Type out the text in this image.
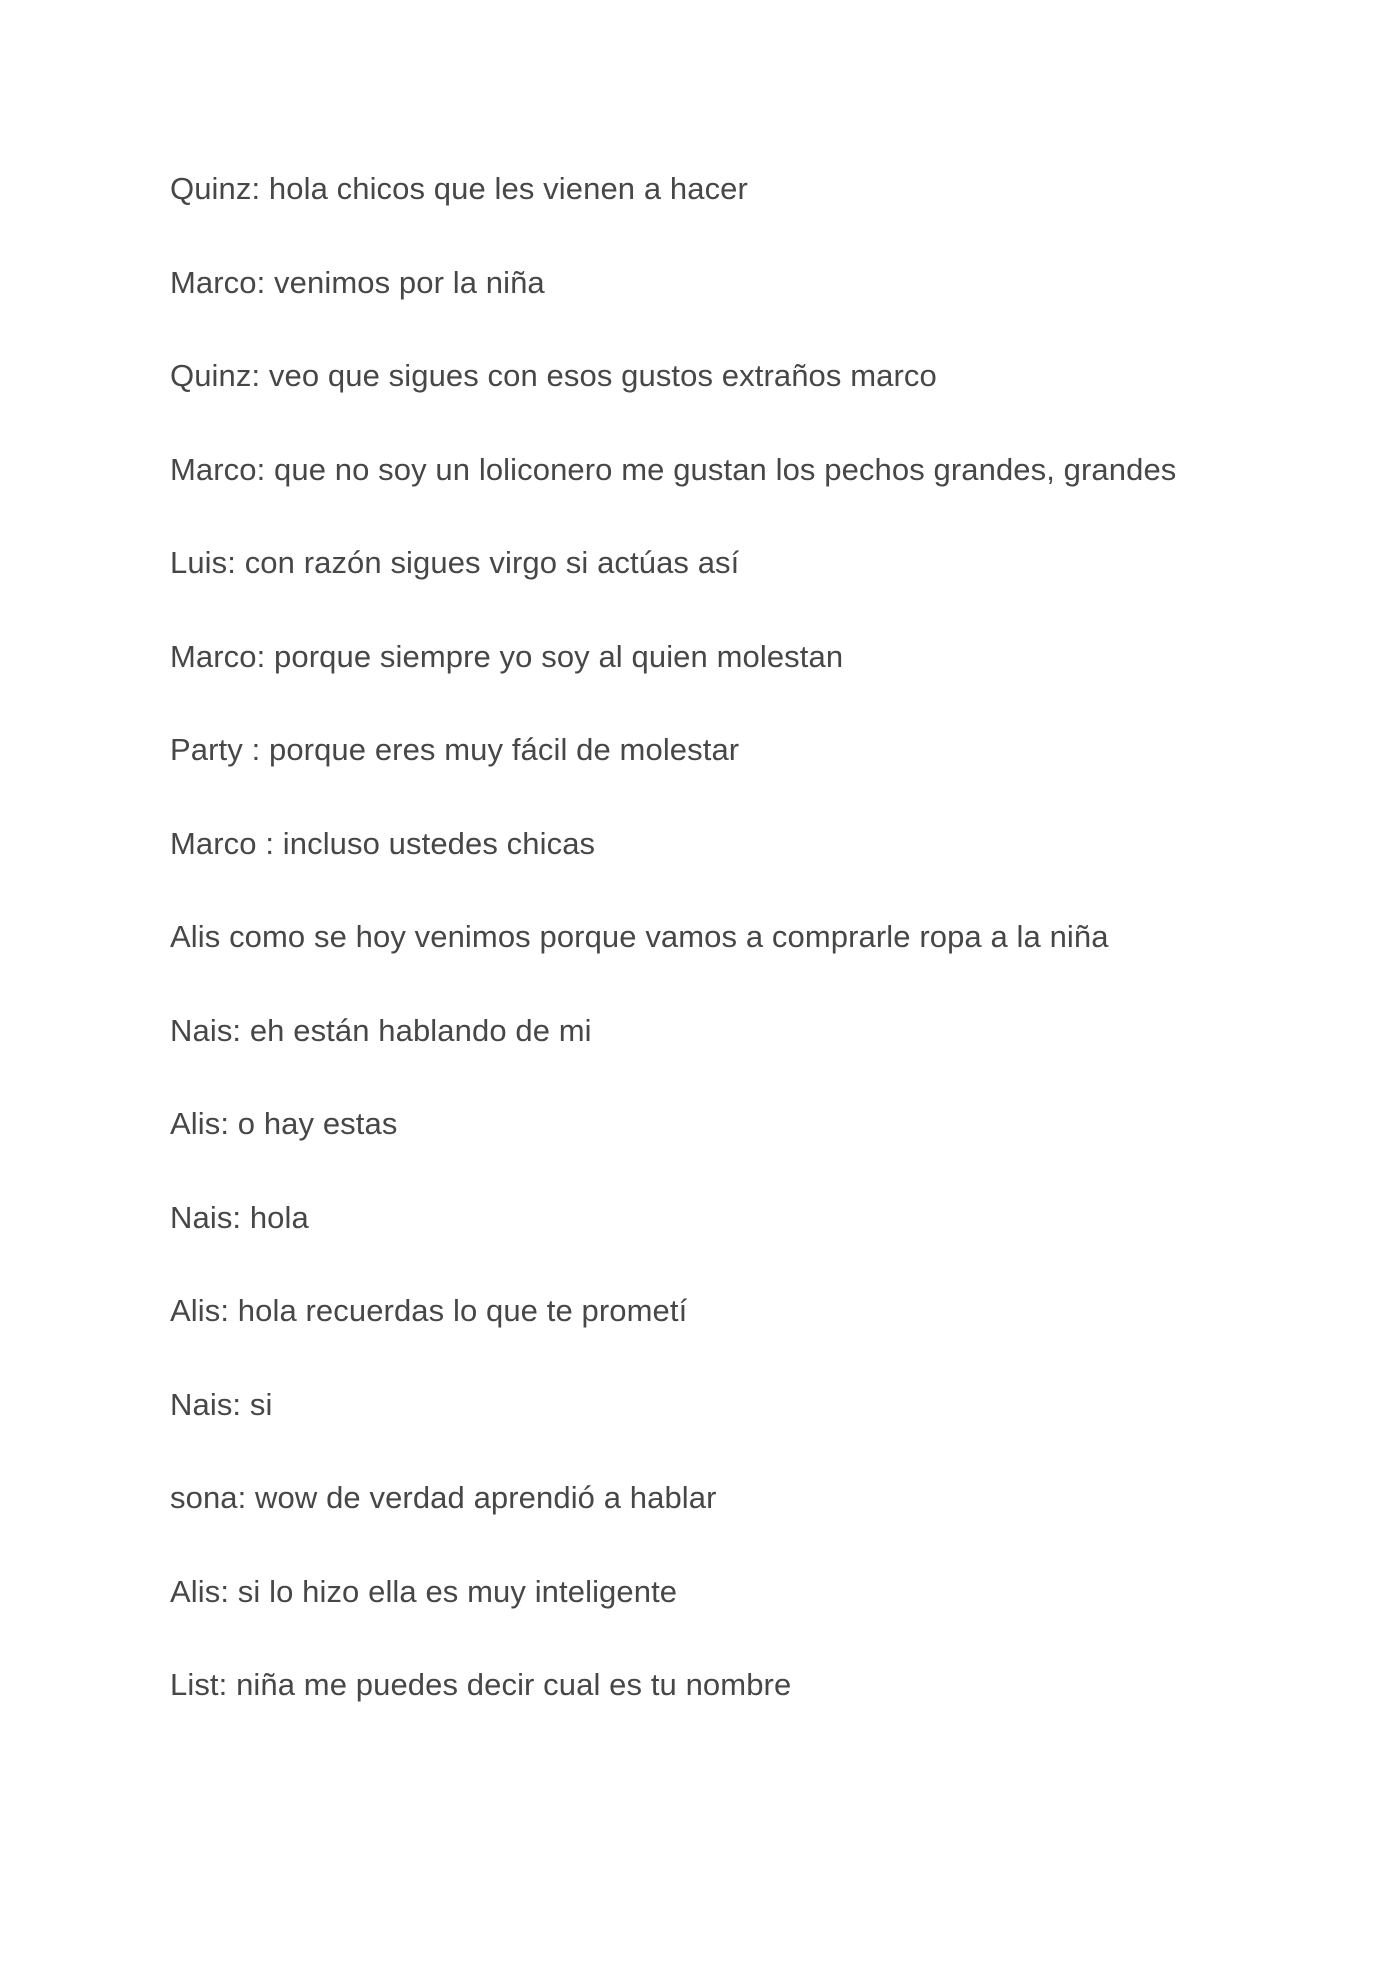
Quinz: hola chicos que les vienen a hacer
Marco: venimos por la niña
Quinz: veo que sigues con esos gustos extraños marco
Marco: que no soy un loliconero me gustan los pechos grandes, grandes
Luis: con razón sigues virgo si actúas así
Marco: porque siempre yo soy al quien molestan
Party : porque eres muy fácil de molestar
Marco : incluso ustedes chicas
Alis como se hoy venimos porque vamos a comprarle ropa a la niña
Nais: eh están hablando de mi
Alis: o hay estas
Nais: hola
Alis: hola recuerdas lo que te prometí
Nais: si
sona: wow de verdad aprendió a hablar
Alis: si lo hizo ella es muy inteligente
List: niña me puedes decir cual es tu nombre
